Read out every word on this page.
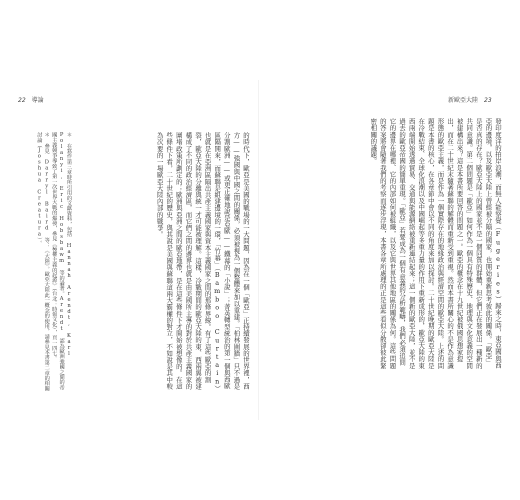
22 導論	新歐亞大陸 23
發印度洋的拍岸浪潮，而無人能察覺（Fugeries）歸來之時，東亞國與西亞的邊境，以及歐亞大陸上曾經被分隔的國家，也開始重新思考彼此的關係。「歐亞」是否真的存在？歐亞大陸上的國家並不是一個同質的群體，但它們正在發展出一種新的共同意識。第二個問題是「歐亞」如何作為一個具有特殊歷史、地理與文化意義的空間被建構出來？這是本書所要回答的問題之一。歐亞的概念在十九世紀被俄國思想家提出，而在二十世紀末隨著蘇聯的解體而重新受到重視。然而本書所關心的不是作為意識形態的歐亞主義，而是作為一個實際存在的地緣政治與經濟空間的歐亞大陸。上述的問題是本書的核心，在各章節中會以不同的角度來加以探討。二十世紀晚期的歐亞大陸是在冷戰結束、全球化浪潮以及中國崛起等多重力量的作用下重新成形的，歐亞大陸的東西兩端開始透過貿易、交通與能源網絡被重新連結起來；這一個新的歐亞大陸，並不是過去的歐亞帝國的簡單重現。「歐亞」若要成為一個有意義的分析範疇，我們必須追問它的邊界在哪裡、它的內部如何被組織，以及它與世界其他地區的關係為何。這些問題的答案將會隨著我們的考察而逐步浮現，本書各章所處理的正是這些看似分散卻彼此緊密相關的議題。
的時代下，歐亞是美國的戰場的一大問題，因為在一個「歐亞」正持續發展的世界裡，西方——強國與中國之間的關係，必須被視為一個整體來加以重建。「柏林圍牆」只不過是分割歐洲——或更正確地說是亞歐——鐵幕的「小說」；菁英轉型統治的第一個與西歐區隔開來，而蘇聯是組建邊境的一環，「竹幕」（Bamboo Curtain）也就是在亞洲區隔出共產主義國家與資本主義國家之間的那條界線。有了這些歐亞的割裂，歐亞大陸的分離與統一才可能被理解。這樣，冷戰期間的歐亞大陸的東、西兩翼被建構成了不同的政治經濟區，而它們之間的邊界也就是由美國所主導的對於共產主義國家的圍堵政策所劃定的；歐洲與亞洲之間的歐亞地帶，是在這些條件下才開始被想像的。在這些條件下看，二十世紀的歷史，與其說是美國與蘇聯這兩大霸權的對立，不如說是其中較為次要的一場歐亞大陸內部的戰爭。
＊ 在寫作第三章時所引用的文獻資料，包括 Hannah Arendt, Karl Polanyi, Eric Hobsbawm 等的論著。Arendt 認為歐洲強國之間的帝國主義競爭導致了第一次世界大戰的爆發，參見《極權主義的起源》（台北：時報文化），頁一四七。
＊ 參見 Darryl Baird 等：《大陸》。歐亞大陸此一概念的使用，請參見本書第二章的相關討論（Joshua Creatura）。
